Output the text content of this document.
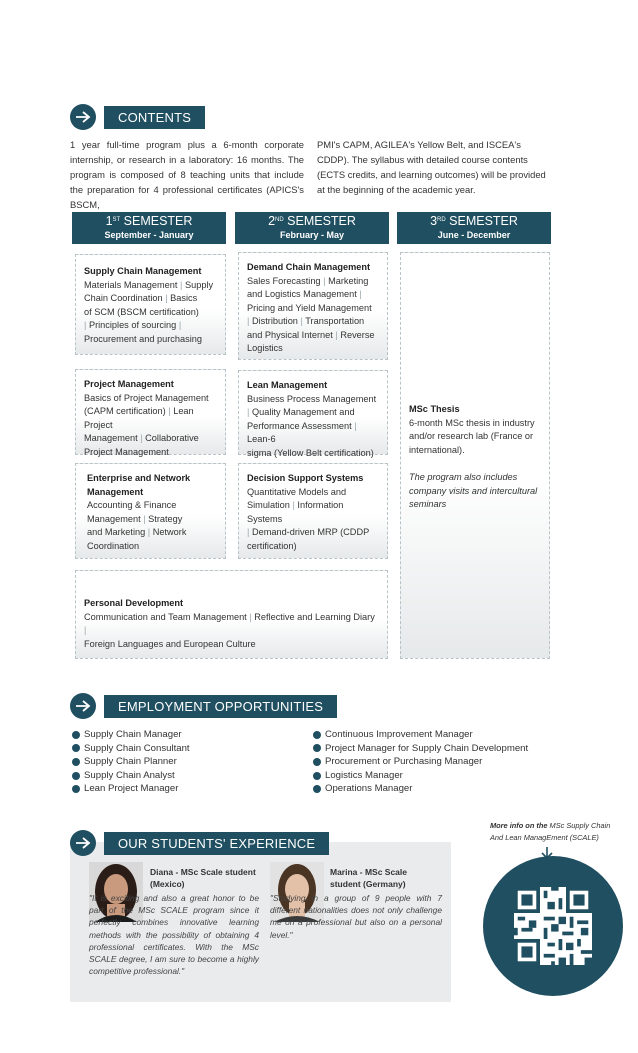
CONTENTS
1 year full-time program plus a 6-month corporate internship, or research in a laboratory: 16 months. The program is composed of 8 teaching units that include the preparation for 4 professional certificates (APICS's BSCM,
PMI's CAPM, AGILEA's Yellow Belt, and ISCEA's CDDP). The syllabus with detailed course contents (ECTS credits, and learning outcomes) will be provided at the beginning of the academic year.
1ST SEMESTER
September - January
2ND SEMESTER
February - May
3RD SEMESTER
June - December
Supply Chain Management
Materials Management | Supply
Chain Coordination | Basics
of SCM (BSCM certification)
| Principles of sourcing |
Procurement and purchasing
Project Management
Basics of Project Management
(CAPM certification) | Lean Project
Management | Collaborative
Project Management
Enterprise and Network Management
Accounting & Finance
Management | Strategy
and Marketing | Network
Coordination
Demand Chain Management
Sales Forecasting | Marketing
and Logistics Management |
Pricing and Yield Management
| Distribution | Transportation
and Physical Internet | Reverse
Logistics
Lean Management
Business Process Management
| Quality Management and
Performance Assessment | Lean-6
sigma (Yellow Belt certification)
Decision Support Systems
Quantitative Models and
Simulation | Information Systems
| Demand-driven MRP (CDDP
certification)
MSc Thesis
6-month MSc thesis in industry and/or research lab (France or international).
The program also includes company visits and intercultural seminars
Personal Development
Communication and Team Management | Reflective and Learning Diary |
Foreign Languages and European Culture
EMPLOYMENT OPPORTUNITIES
Supply Chain Manager
Supply Chain Consultant
Supply Chain Planner
Supply Chain Analyst
Lean Project Manager
Continuous Improvement Manager
Project Manager for Supply Chain Development
Procurement or Purchasing Manager
Logistics Manager
Operations Manager
OUR STUDENTS' EXPERIENCE
Diana - MSc Scale student (Mexico)
"It is exciting and also a great honor to be part of the MSc SCALE program since it perfectly combines innovative learning methods with the possibility of obtaining 4 professional certificates. With the MSc SCALE degree, I am sure to become a highly competitive professional."
Marina - MSc Scale student (Germany)
"Studying in a group of 9 people with 7 different nationalities does not only challenge me on a professional but also on a personal level."
More info on the MSc Supply Chain And Lean ManagEment (SCALE)
